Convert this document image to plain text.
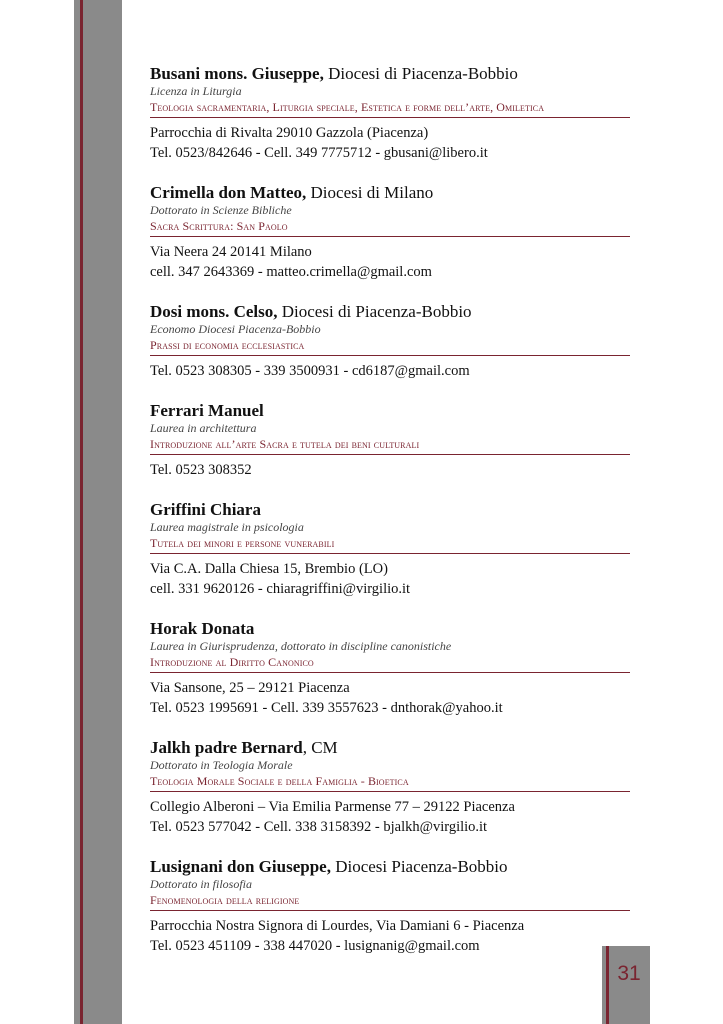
Busani mons. Giuseppe, Diocesi di Piacenza-Bobbio
Licenza in Liturgia
Teologia sacramentaria, Liturgia speciale, Estetica e forme dell’arte, Omiletica
Parrocchia di Rivalta 29010 Gazzola (Piacenza)
Tel. 0523/842646 - Cell. 349 7775712 - gbusani@libero.it
Crimella don Matteo, Diocesi di Milano
Dottorato in Scienze Bibliche
Sacra Scrittura: San Paolo
Via Neera 24 20141 Milano
cell. 347 2643369 - matteo.crimella@gmail.com
Dosi mons. Celso, Diocesi di Piacenza-Bobbio
Economo Diocesi Piacenza-Bobbio
Prassi di economia ecclesiastica
Tel. 0523 308305 - 339 3500931 - cd6187@gmail.com
Ferrari Manuel
Laurea in architettura
Introduzione all’arte Sacra e tutela dei beni culturali
Tel. 0523 308352
Griffini Chiara
Laurea magistrale in psicologia
Tutela dei minori e persone vunerabili
Via C.A. Dalla Chiesa 15, Brembio (LO)
cell. 331 9620126 - chiaragriffini@virgilio.it
Horak Donata
Laurea in Giurisprudenza, dottorato in discipline canonistiche
Introduzione al Diritto Canonico
Via Sansone, 25 – 29121 Piacenza
Tel. 0523 1995691 - Cell. 339 3557623 - dnthorak@yahoo.it
Jalkh padre Bernard, CM
Dottorato in Teologia Morale
Teologia Morale Sociale e della Famiglia - Bioetica
Collegio Alberoni – Via Emilia Parmense 77 – 29122 Piacenza
Tel. 0523 577042 - Cell. 338 3158392 - bjalkh@virgilio.it
Lusignani don Giuseppe, Diocesi Piacenza-Bobbio
Dottorato in filosofia
Fenomenologia della religione
Parrocchia Nostra Signora di Lourdes, Via Damiani 6 - Piacenza
Tel. 0523 451109 - 338 447020 - lusignanig@gmail.com
31
